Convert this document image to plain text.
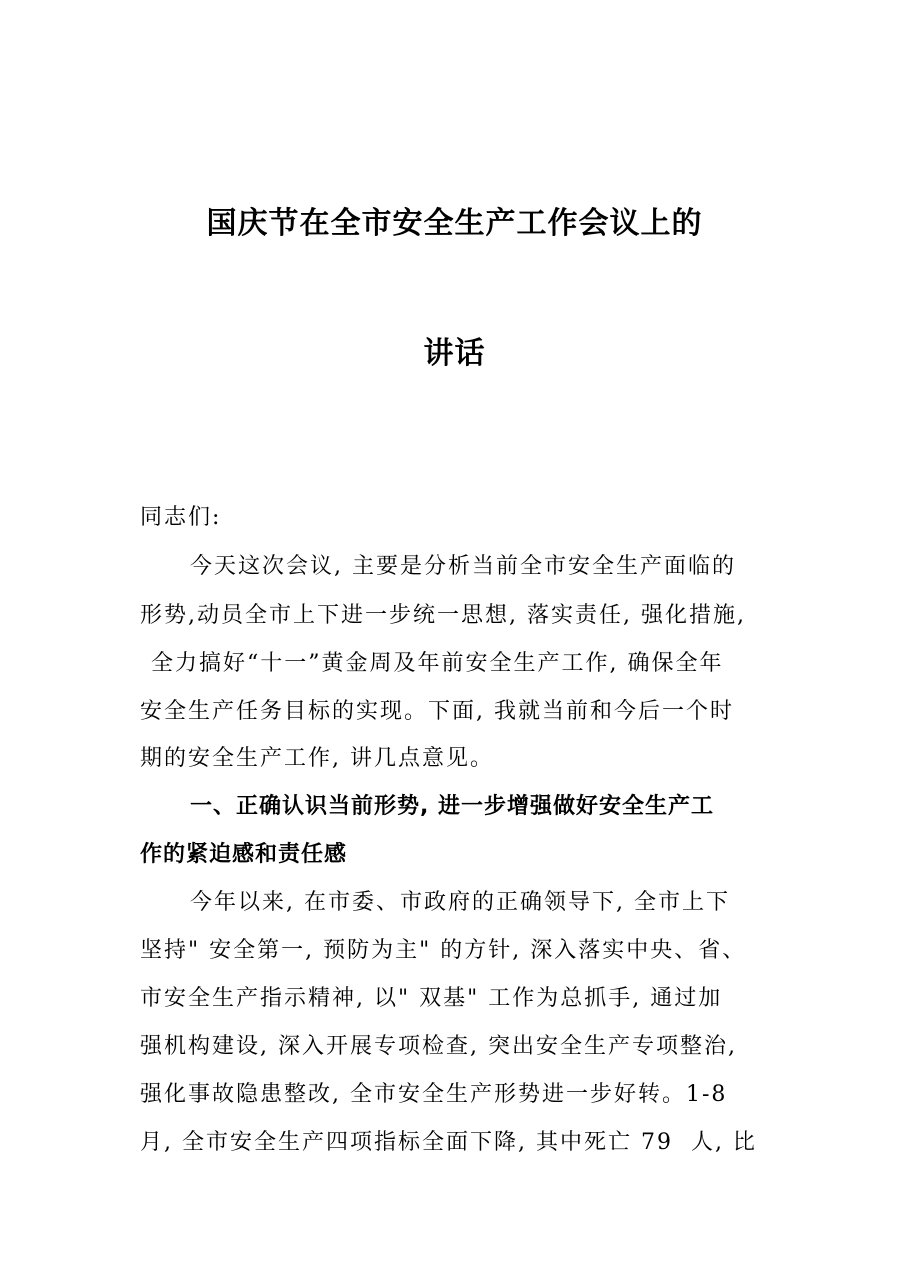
国庆节在全市安全生产工作会议上的
讲话
同志们:
今天这次会议, 主要是分析当前全市安全生产面临的
形势,动员全市上下进一步统一思想, 落实责任, 强化措施,
全力搞好“十一”黄金周及年前安全生产工作, 确保全年
安全生产任务目标的实现。下面, 我就当前和今后一个时
期的安全生产工作, 讲几点意见。
一、正确认识当前形势, 进一步增强做好安全生产工
作的紧迫感和责任感
今年以来, 在市委、市政府的正确领导下, 全市上下
坚持" 安全第一, 预防为主" 的方针, 深入落实中央、省、
市安全生产指示精神, 以" 双基" 工作为总抓手, 通过加
强机构建设, 深入开展专项检查, 突出安全生产专项整治,
强化事故隐患整改, 全市安全生产形势进一步好转。1-8
月, 全市安全生产四项指标全面下降, 其中死亡 79  人, 比
